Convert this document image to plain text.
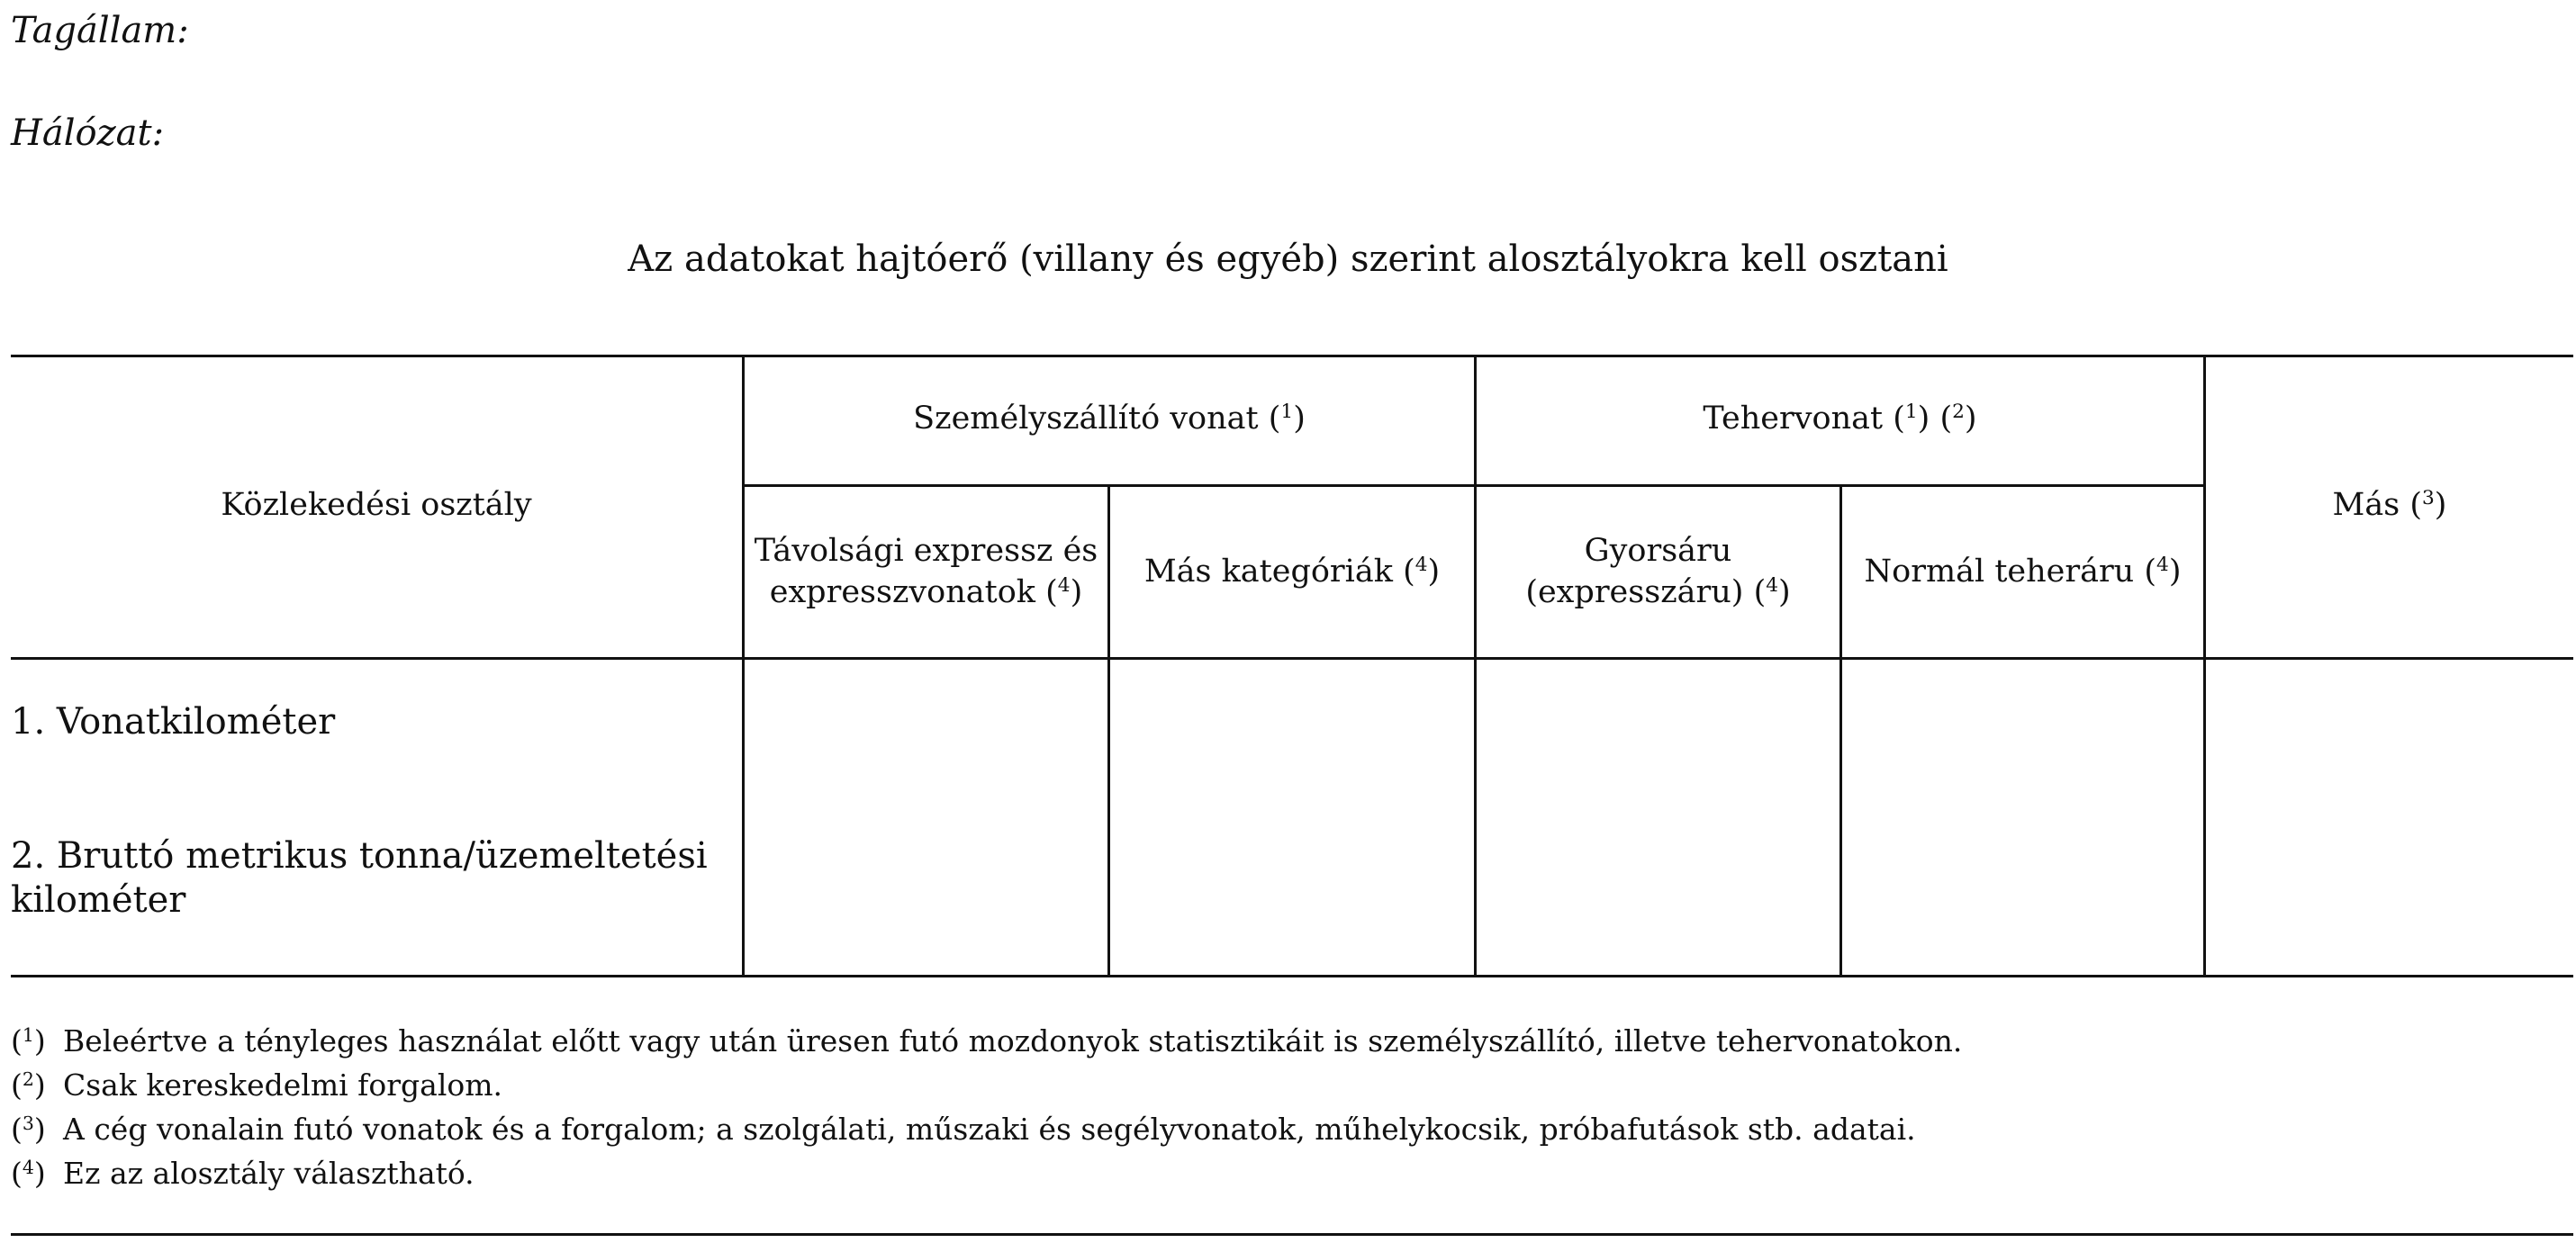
Tagállam:
Hálózat:
Az adatokat hajtóerő (villany és egyéb) szerint alosztályokra kell osztani
Közlekedési osztály
Személyszállító vonat ($^1$)	Tehervonat ($^1$) ($^2$)
Más ($^3$)
Távolsági expressz és
expresszvonatok ($^4$)
Más kategóriák ($^4$)
Gyorsáru
(expresszáru) ($^4$)
Normál teheráru ($^4$)
1. Vonatkilométer
2. Bruttó metrikus tonna/üzemeltetési
kilométer
($^1$) Beleértve a tényleges használat előtt vagy után üresen futó mozdonyok statisztikáit is személyszállító, illetve tehervonatokon.
($^2$) Csak kereskedelmi forgalom.
($^3$) A cég vonalain futó vonatok és a forgalom; a szolgálati, műszaki és segélyvonatok, műhelykocsik, próbafutások stb. adatai.
($^4$) Ez az alosztály választható.
